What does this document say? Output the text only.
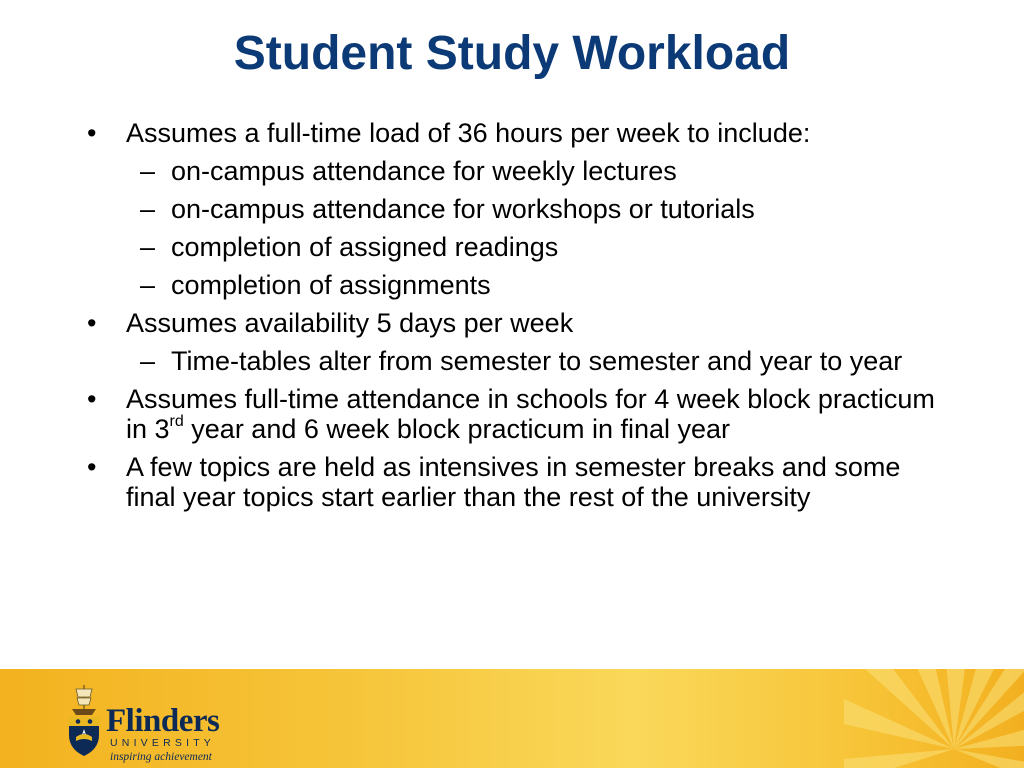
Student Study Workload
•	Assumes a full-time load of 36 hours per week to include:
– on-campus attendance for weekly lectures
– on-campus attendance for workshops or tutorials
– completion of assigned readings
– completion of assignments
•	Assumes availability 5 days per week
– Time-tables alter from semester to semester and year to year
•	Assumes full-time attendance in schools for 4 week block practicum in 3rd year and 6 week block practicum in final year
•	A few topics are held as intensives in semester breaks and some final year topics start earlier than the rest of the university
Flinders
UNIVERSITY
inspiring achievement
